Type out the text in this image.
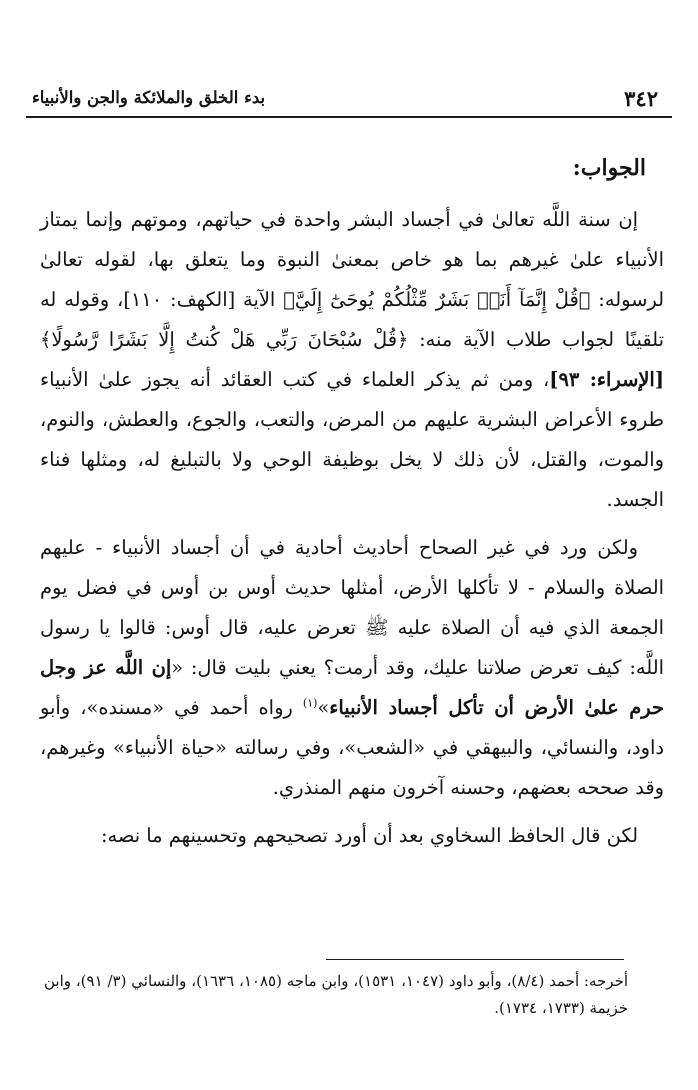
٣٤٢
بدء الخلق والملائكة والجن والأنبياء
الجواب:

إن سنة اللَّه تعالىٰ في أجساد البشر واحدة في حياتهم، وموتهم وإنما يمتاز الأنبياء علىٰ غيرهم بما هو خاص بمعنىٰ النبوة وما يتعلق بها، لقوله تعالىٰ لرسوله: ﴿قُلْ إِنَّمَآ أَنَا۠ بَشَرٌ مِّثْلُكُمْ يُوحَىٰٓ إِلَيَّ﴾ الآية [الكهف: ١١٠]، وقوله له تلقينًا لجواب طلاب الآية منه: ﴿قُلْ سُبْحَانَ رَبِّي هَلْ كُنتُ إِلَّا بَشَرًا رَّسُولًا﴾ [الإسراء: ٩٣]، ومن ثم يذكر العلماء في كتب العقائد أنه يجوز علىٰ الأنبياء طروء الأعراض البشرية عليهم من المرض، والتعب، والجوع، والعطش، والنوم، والموت، والقتل، لأن ذلك لا يخل بوظيفة الوحي ولا بالتبليغ له، ومثلها فناء الجسد.

ولكن ورد في غير الصحاح أحاديث أحادية في أن أجساد الأنبياء - عليهم الصلاة والسلام - لا تأكلها الأرض، أمثلها حديث أوس بن أوس في فضل يوم الجمعة الذي فيه أن الصلاة عليه ﷺ تعرض عليه، قال أوس: قالوا يا رسول اللَّه: كيف تعرض صلاتنا عليك، وقد أرمت؟ يعني بليت قال: «إن اللَّه عز وجل حرم علىٰ الأرض أن تأكل أجساد الأنبياء»$^{(١)}$ رواه أحمد في «مسنده»، وأبو داود، والنسائي، والبيهقي في «الشعب»، وفي رسالته «حياة الأنبياء» وغيرهم، وقد صححه بعضهم، وحسنه آخرون منهم المنذري.

لكن قال الحافظ السخاوي بعد أن أورد تصحيحهم وتحسينهم ما نصه:

أخرجه: أحمد (٨/٤)، وأبو داود (١٠٤٧، ١٥٣١)، وابن ماجه (١٠٨٥، ١٦٣٦)، والنسائي (٣/ ٩١)، وابن خزيمة (١٧٣٣، ١٧٣٤).
